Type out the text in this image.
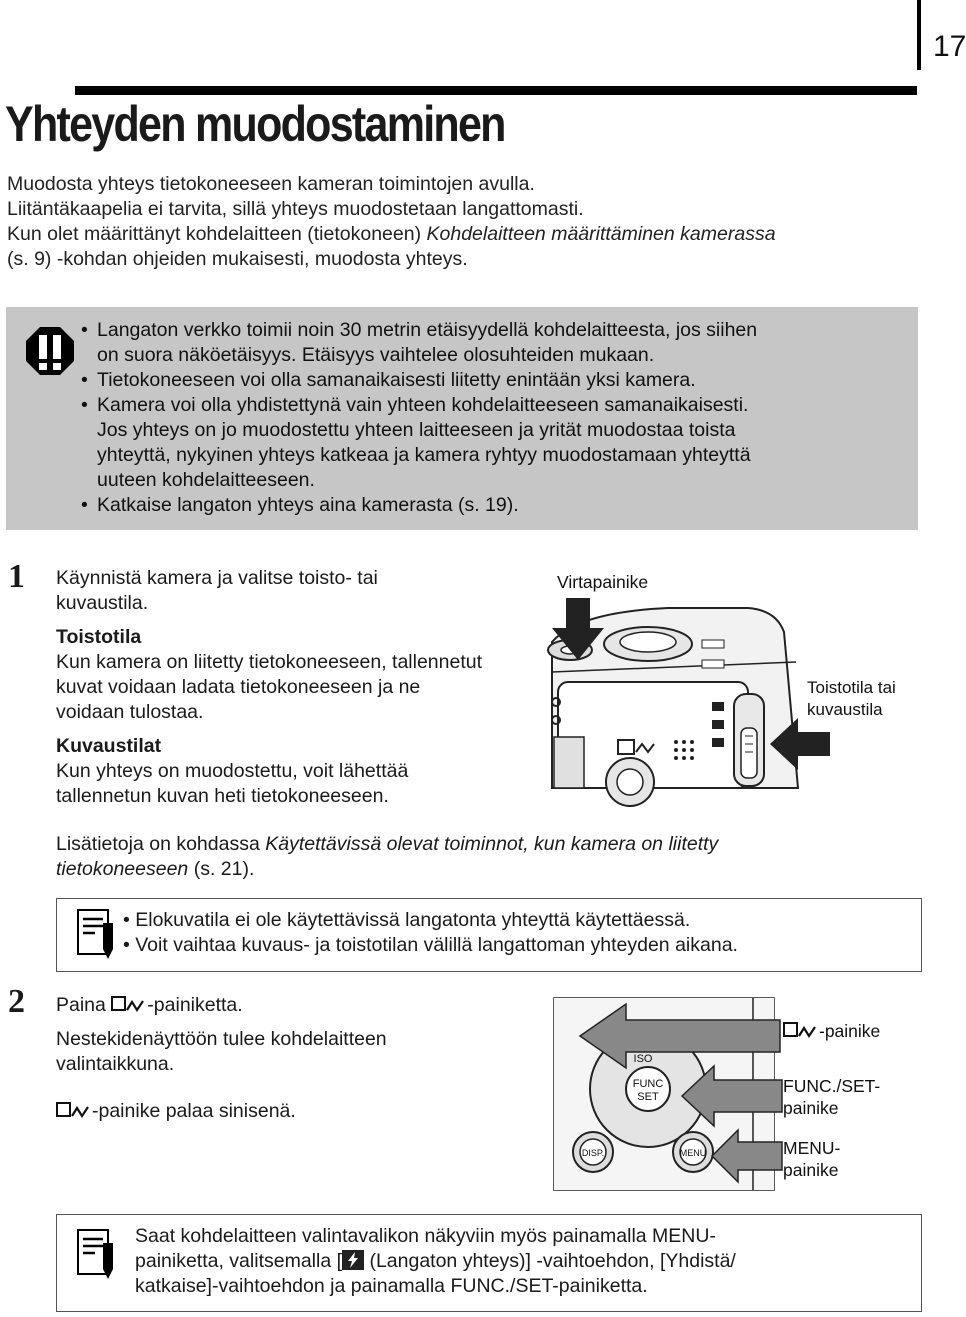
17
Yhteyden muodostaminen

Muodosta yhteys tietokoneeseen kameran toimintojen avulla.

Liitäntäkaapelia ei tarvita, sillä yhteys muodostetaan langattomasti.

Kun olet määrittänyt kohdelaitteen (tietokoneen) Kohdelaitteen määrittäminen kamerassa

(s. 9) -kohdan ohjeiden mukaisesti, muodosta yhteys.

• Langaton verkko toimii noin 30 metrin etäisyydellä kohdelaitteesta, jos siihen
on suora näköetäisyys. Etäisyys vaihtelee olosuhteiden mukaan.
• Tietokoneeseen voi olla samanaikaisesti liitetty enintään yksi kamera.
• Kamera voi olla yhdistettynä vain yhteen kohdelaitteeseen samanaikaisesti.
Jos yhteys on jo muodostettu yhteen laitteeseen ja yrität muodostaa toista
yhteyttä, nykyinen yhteys katkeaa ja kamera ryhtyy muodostamaan yhteyttä
uuteen kohdelaitteeseen.
• Katkaise langaton yhteys aina kamerasta (s. 19).
1 Käynnistä kamera ja valitse toisto- tai

kuvaustila.

Toistotila

Kun kamera on liitetty tietokoneeseen, tallennetut

kuvat voidaan ladata tietokoneeseen ja ne

voidaan tulostaa.

Kuvaustilat

Kun yhteys on muodostettu, voit lähettää

tallennetun kuvan heti tietokoneeseen.

Virtapainike
Toistotila tai
kuvaustila
Lisätietoja on kohdassa Käytettävissä olevat toiminnot, kun kamera on liitetty
tietokoneeseen (s. 21).
• Elokuvatila ei ole käytettävissä langatonta yhteyttä käytettäessä.
• Voit vaihtaa kuvaus- ja toistotilan välillä langattoman yhteyden aikana.
2 Paina -painiketta.
Nestekidenäyttöön tulee kohdelaitteen
valintaikkuna.
-painike palaa sinisenä.
FUNC
SET
ISO
DISP.	MENU
-painike
FUNC./SET-
painike
MENU-
painike
Saat kohdelaitteen valintavalikon näkyviin myös painamalla MENU-
painiketta, valitsemalla [ (Langaton yhteys)] -vaihtoehdon, [Yhdistä/
katkaise]-vaihtoehdon ja painamalla FUNC./SET-painiketta.
